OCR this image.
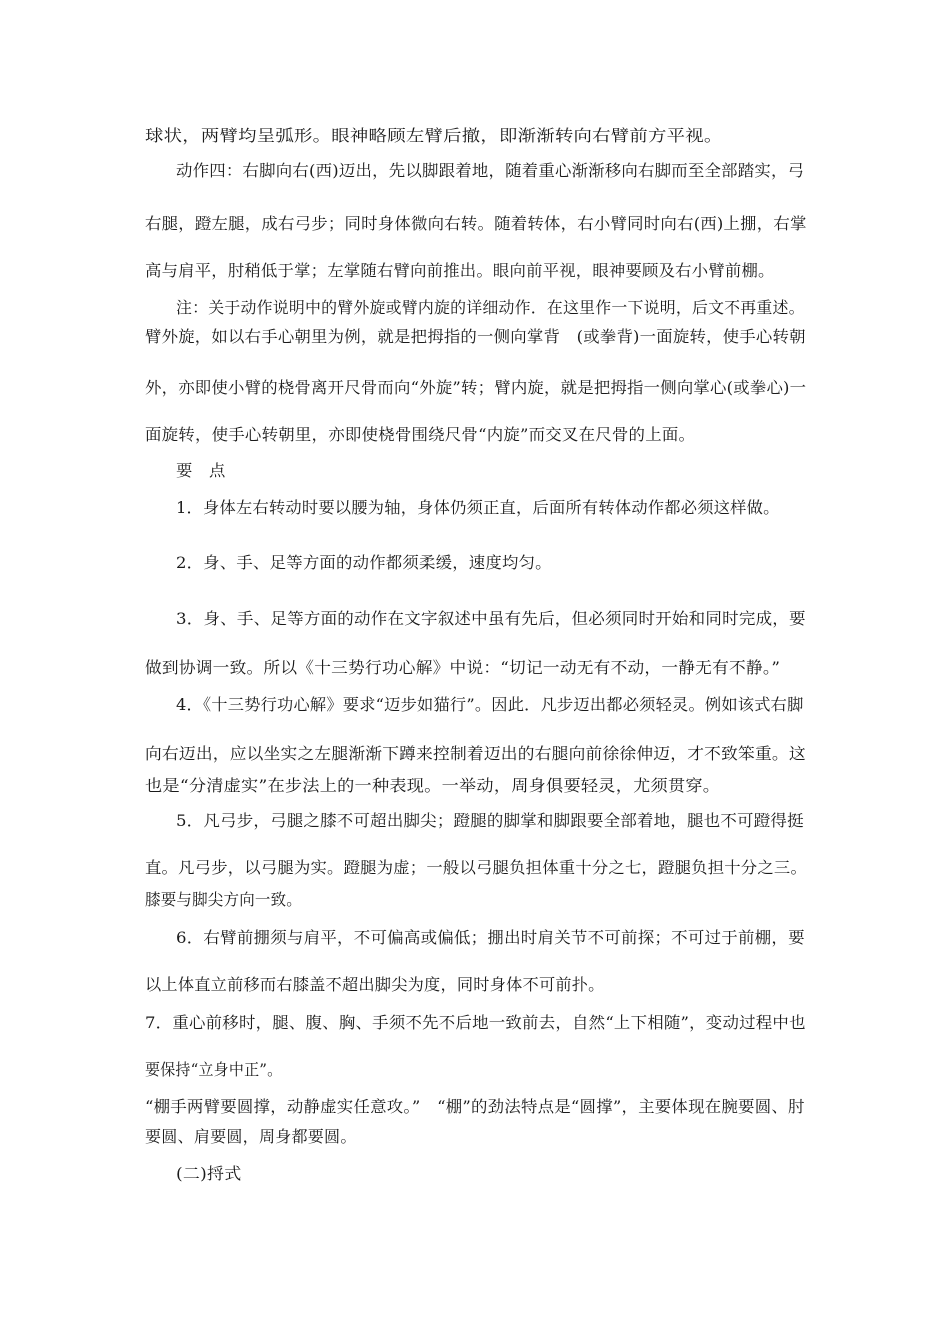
球状，两臂均呈弧形。眼神略顾左臂后撤，即渐渐转向右臂前方平视。

动作四：右脚向右(西)迈出，先以脚跟着地，随着重心渐渐移向右脚而至全部踏实，弓

右腿，蹬左腿，成右弓步；同时身体微向右转。随着转体，右小臂同时向右(西)上掤，右掌

高与肩平，肘稍低于掌；左掌随右臂向前推出。眼向前平视，眼神要顾及右小臂前棚。

注：关于动作说明中的臂外旋或臂内旋的详细动作．在这里作一下说明，后文不再重述。

臂外旋，如以右手心朝里为例，就是把拇指的一侧向掌背　(或拳背)一面旋转，使手心转朝

外，亦即使小臂的桡骨离开尺骨而向“外旋”转；臂内旋，就是把拇指一侧向掌心(或拳心)一

面旋转，使手心转朝里，亦即使桡骨围绕尺骨“内旋”而交叉在尺骨的上面。

要　点

1．身体左右转动时要以腰为轴，身体仍须正直，后面所有转体动作都必须这样做。

2．身、手、足等方面的动作都须柔缓，速度均匀。

3．身、手、足等方面的动作在文字叙述中虽有先后，但必须同时开始和同时完成，要

做到协调一致。所以《十三势行功心解》中说：“切记一动无有不动，一静无有不静。”

4．《十三势行功心解》要求“迈步如猫行”。因此．凡步迈出都必须轻灵。例如该式右脚

向右迈出，应以坐实之左腿渐渐下蹲来控制着迈出的右腿向前徐徐伸迈，才不致笨重。这

也是“分清虚实”在步法上的一种表现。一举动，周身俱要轻灵，尤须贯穿。

5．凡弓步，弓腿之膝不可超出脚尖；蹬腿的脚掌和脚跟要全部着地，腿也不可蹬得挺

直。凡弓步，以弓腿为实。蹬腿为虚；一般以弓腿负担体重十分之七，蹬腿负担十分之三。

膝要与脚尖方向一致。

6．右臂前掤须与肩平，不可偏高或偏低；掤出时肩关节不可前探；不可过于前棚，要

以上体直立前移而右膝盖不超出脚尖为度，同时身体不可前扑。

7．重心前移时，腿、腹、胸、手须不先不后地一致前去，自然“上下相随”，变动过程中也

要保持“立身中正”。

“棚手两臂要圆撑，动静虚实任意攻。”　“棚”的劲法特点是“圆撑”，主要体现在腕要圆、肘

要圆、肩要圆，周身都要圆。

(二)捋式
